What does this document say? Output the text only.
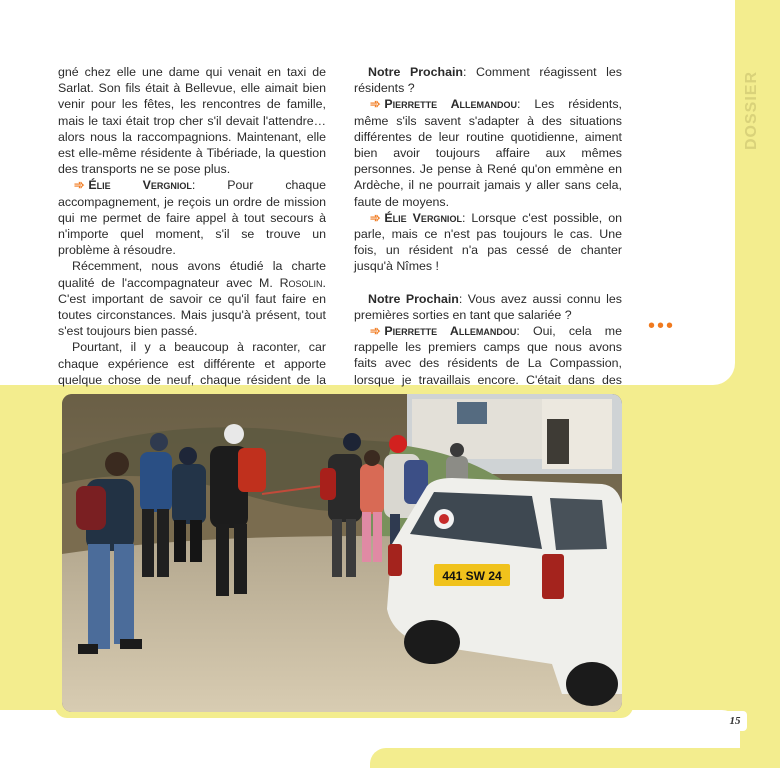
DOSSIER

gné chez elle une dame qui venait en taxi de Sarlat. Son fils était à Bellevue, elle aimait bien venir pour les fêtes, les rencontres de famille, mais le taxi était trop cher s'il devait l'attendre… alors nous la raccompagnions. Maintenant, elle est elle-même résidente à Tibériade, la question des transports ne se pose plus.

➾ Élie Vergniol: Pour chaque accompagnement, je reçois un ordre de mission qui me permet de faire appel à tout secours à n'importe quel moment, s'il se trouve un problème à résoudre.

Récemment, nous avons étudié la charte qualité de l'accompagnateur avec M. Rosolin. C'est important de savoir ce qu'il faut faire en toutes circonstances. Mais jusqu'à présent, tout s'est toujours bien passé.

Pourtant, il y a beaucoup à raconter, car chaque expérience est différente et apporte quelque chose de neuf, chaque résident de la

Notre Prochain: Comment réagissent les résidents ?

➾ Pierrette Allemandou: Les résidents, même s'ils savent s'adapter à des situations différentes de leur routine quotidienne, aiment bien avoir toujours affaire aux mêmes personnes. Je pense à René qu'on emmène en Ardèche, il ne pourrait jamais y aller sans cela, faute de moyens.

➾ Élie Vergniol: Lorsque c'est possible, on parle, mais ce n'est pas toujours le cas. Une fois, un résident n'a pas cessé de chanter jusqu'à Nîmes !

Notre Prochain: Vous avez aussi connu les premières sorties en tant que salariée ?

➾ Pierrette Allemandou: Oui, cela me rappelle les premiers camps que nous avons faits avec des résidents de La Compassion, lorsque je travaillais encore. C'était dans des

•••
441 SW 24
15
